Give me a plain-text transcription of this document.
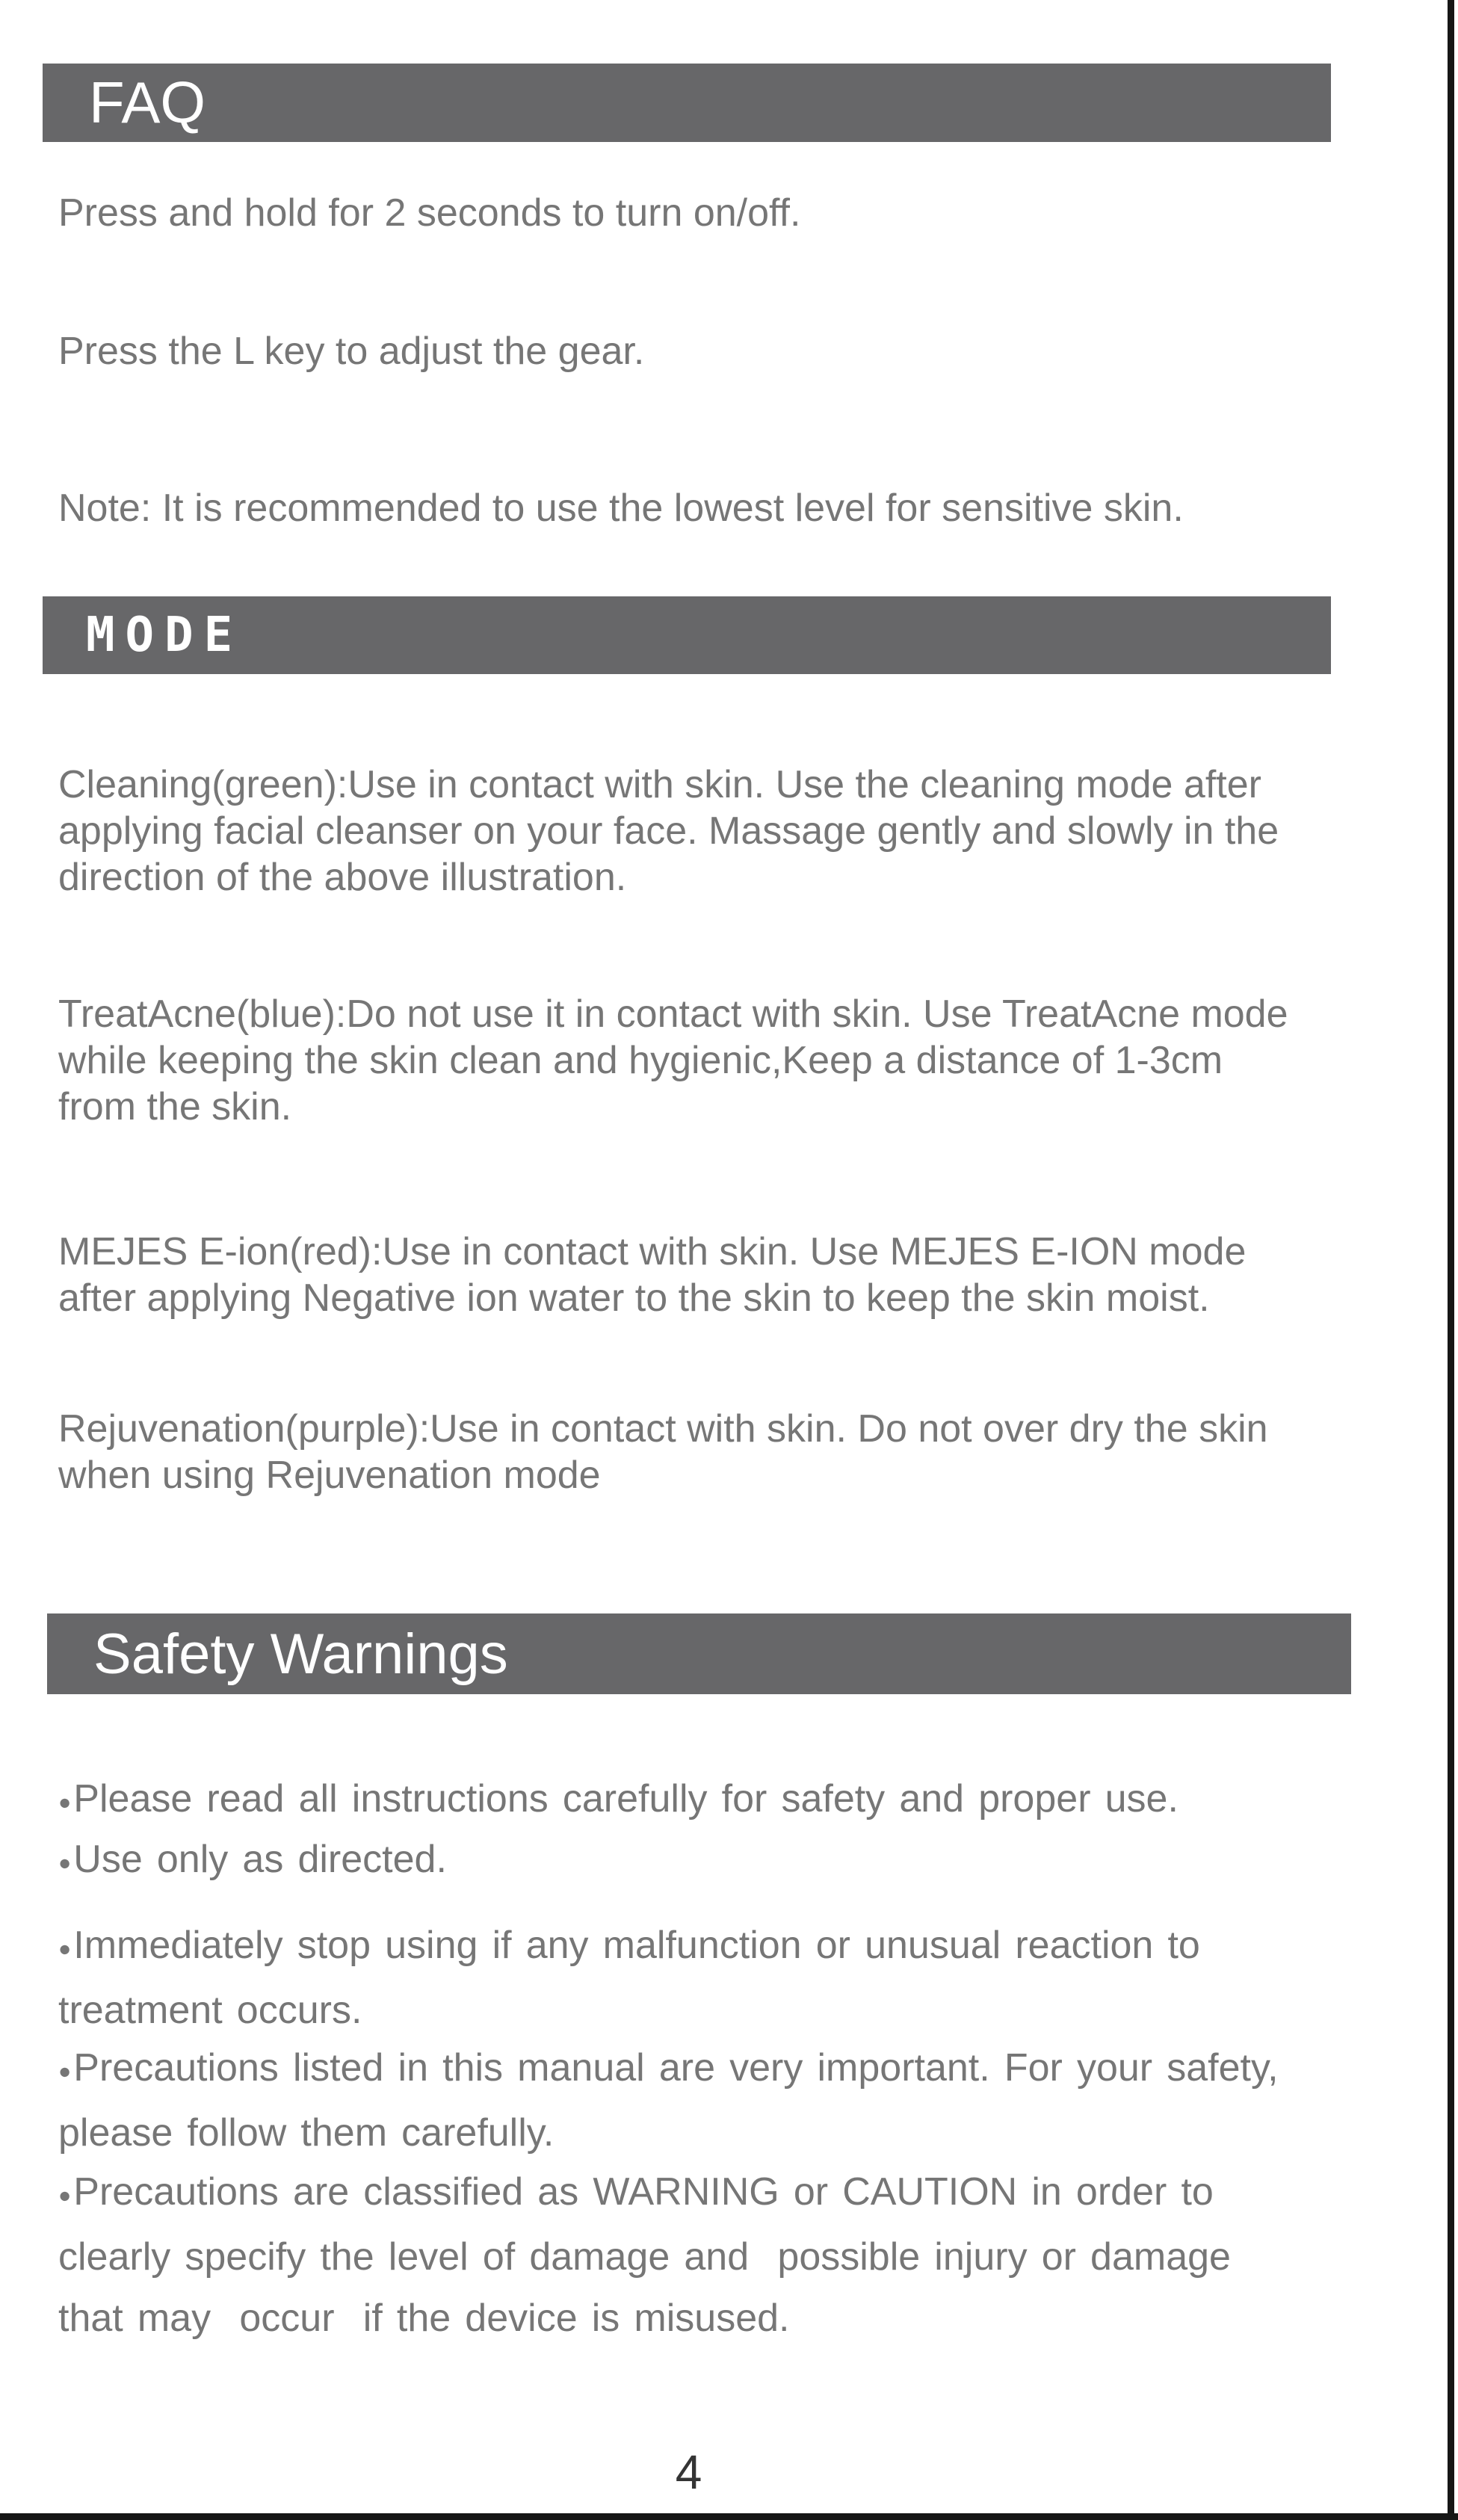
FAQ
Press and hold for 2 seconds to turn on/off.
Press the L key to adjust the gear.
Note: It is recommended to use the lowest level for sensitive skin.
MODE
Cleaning(green):Use in contact with skin. Use the cleaning mode after
applying facial cleanser on your face. Massage gently and slowly in the
direction of the above illustration.
TreatAcne(blue):Do not use it in contact with skin. Use TreatAcne mode
while keeping the skin clean and hygienic,Keep a distance of 1-3cm
from the skin.
MEJES E-ion(red):Use in contact with skin. Use MEJES E-ION mode
after applying Negative ion water to the skin to keep the skin moist.
Rejuvenation(purple):Use in contact with skin. Do not over dry the skin
when using Rejuvenation mode
Safety Warnings
●Please read all instructions carefully for safety and proper use.
●Use only as directed.
●Immediately stop using if any malfunction or unusual reaction to
treatment occurs.
●Precautions listed in this manual are very important. For your safety,
please follow them carefully.
●Precautions are classified as WARNING or CAUTION in order to
clearly specify the level of damage and  possible injury or damage
that may  occur  if the device is misused.
4
